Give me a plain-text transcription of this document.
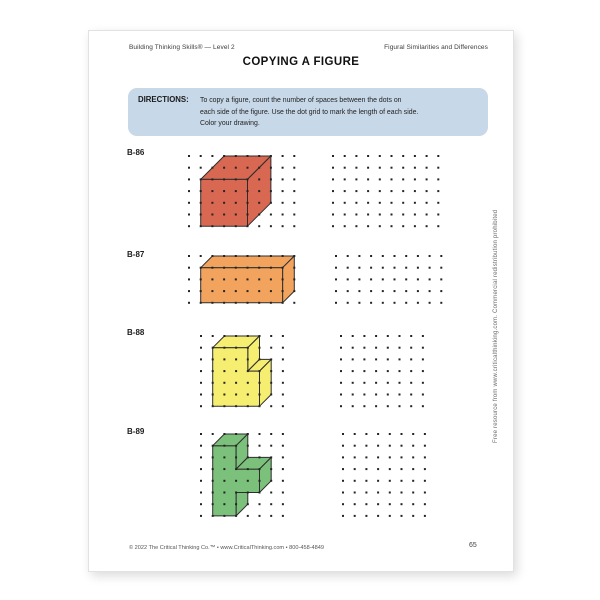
Building Thinking Skills® — Level 2	Figural Similarities and Differences
COPYING A FIGURE
DIRECTIONS:	To copy a figure, count the number of spaces between the dots on
each side of the figure. Use the dot grid to mark the length of each side.
Color your drawing.
B-86
B-87
B-88
B-89	Free resource from www.criticalthinking.com. Commercial redistribution prohibited
© 2022 The Critical Thinking Co.™ • www.CriticalThinking.com • 800-458-4849	65
